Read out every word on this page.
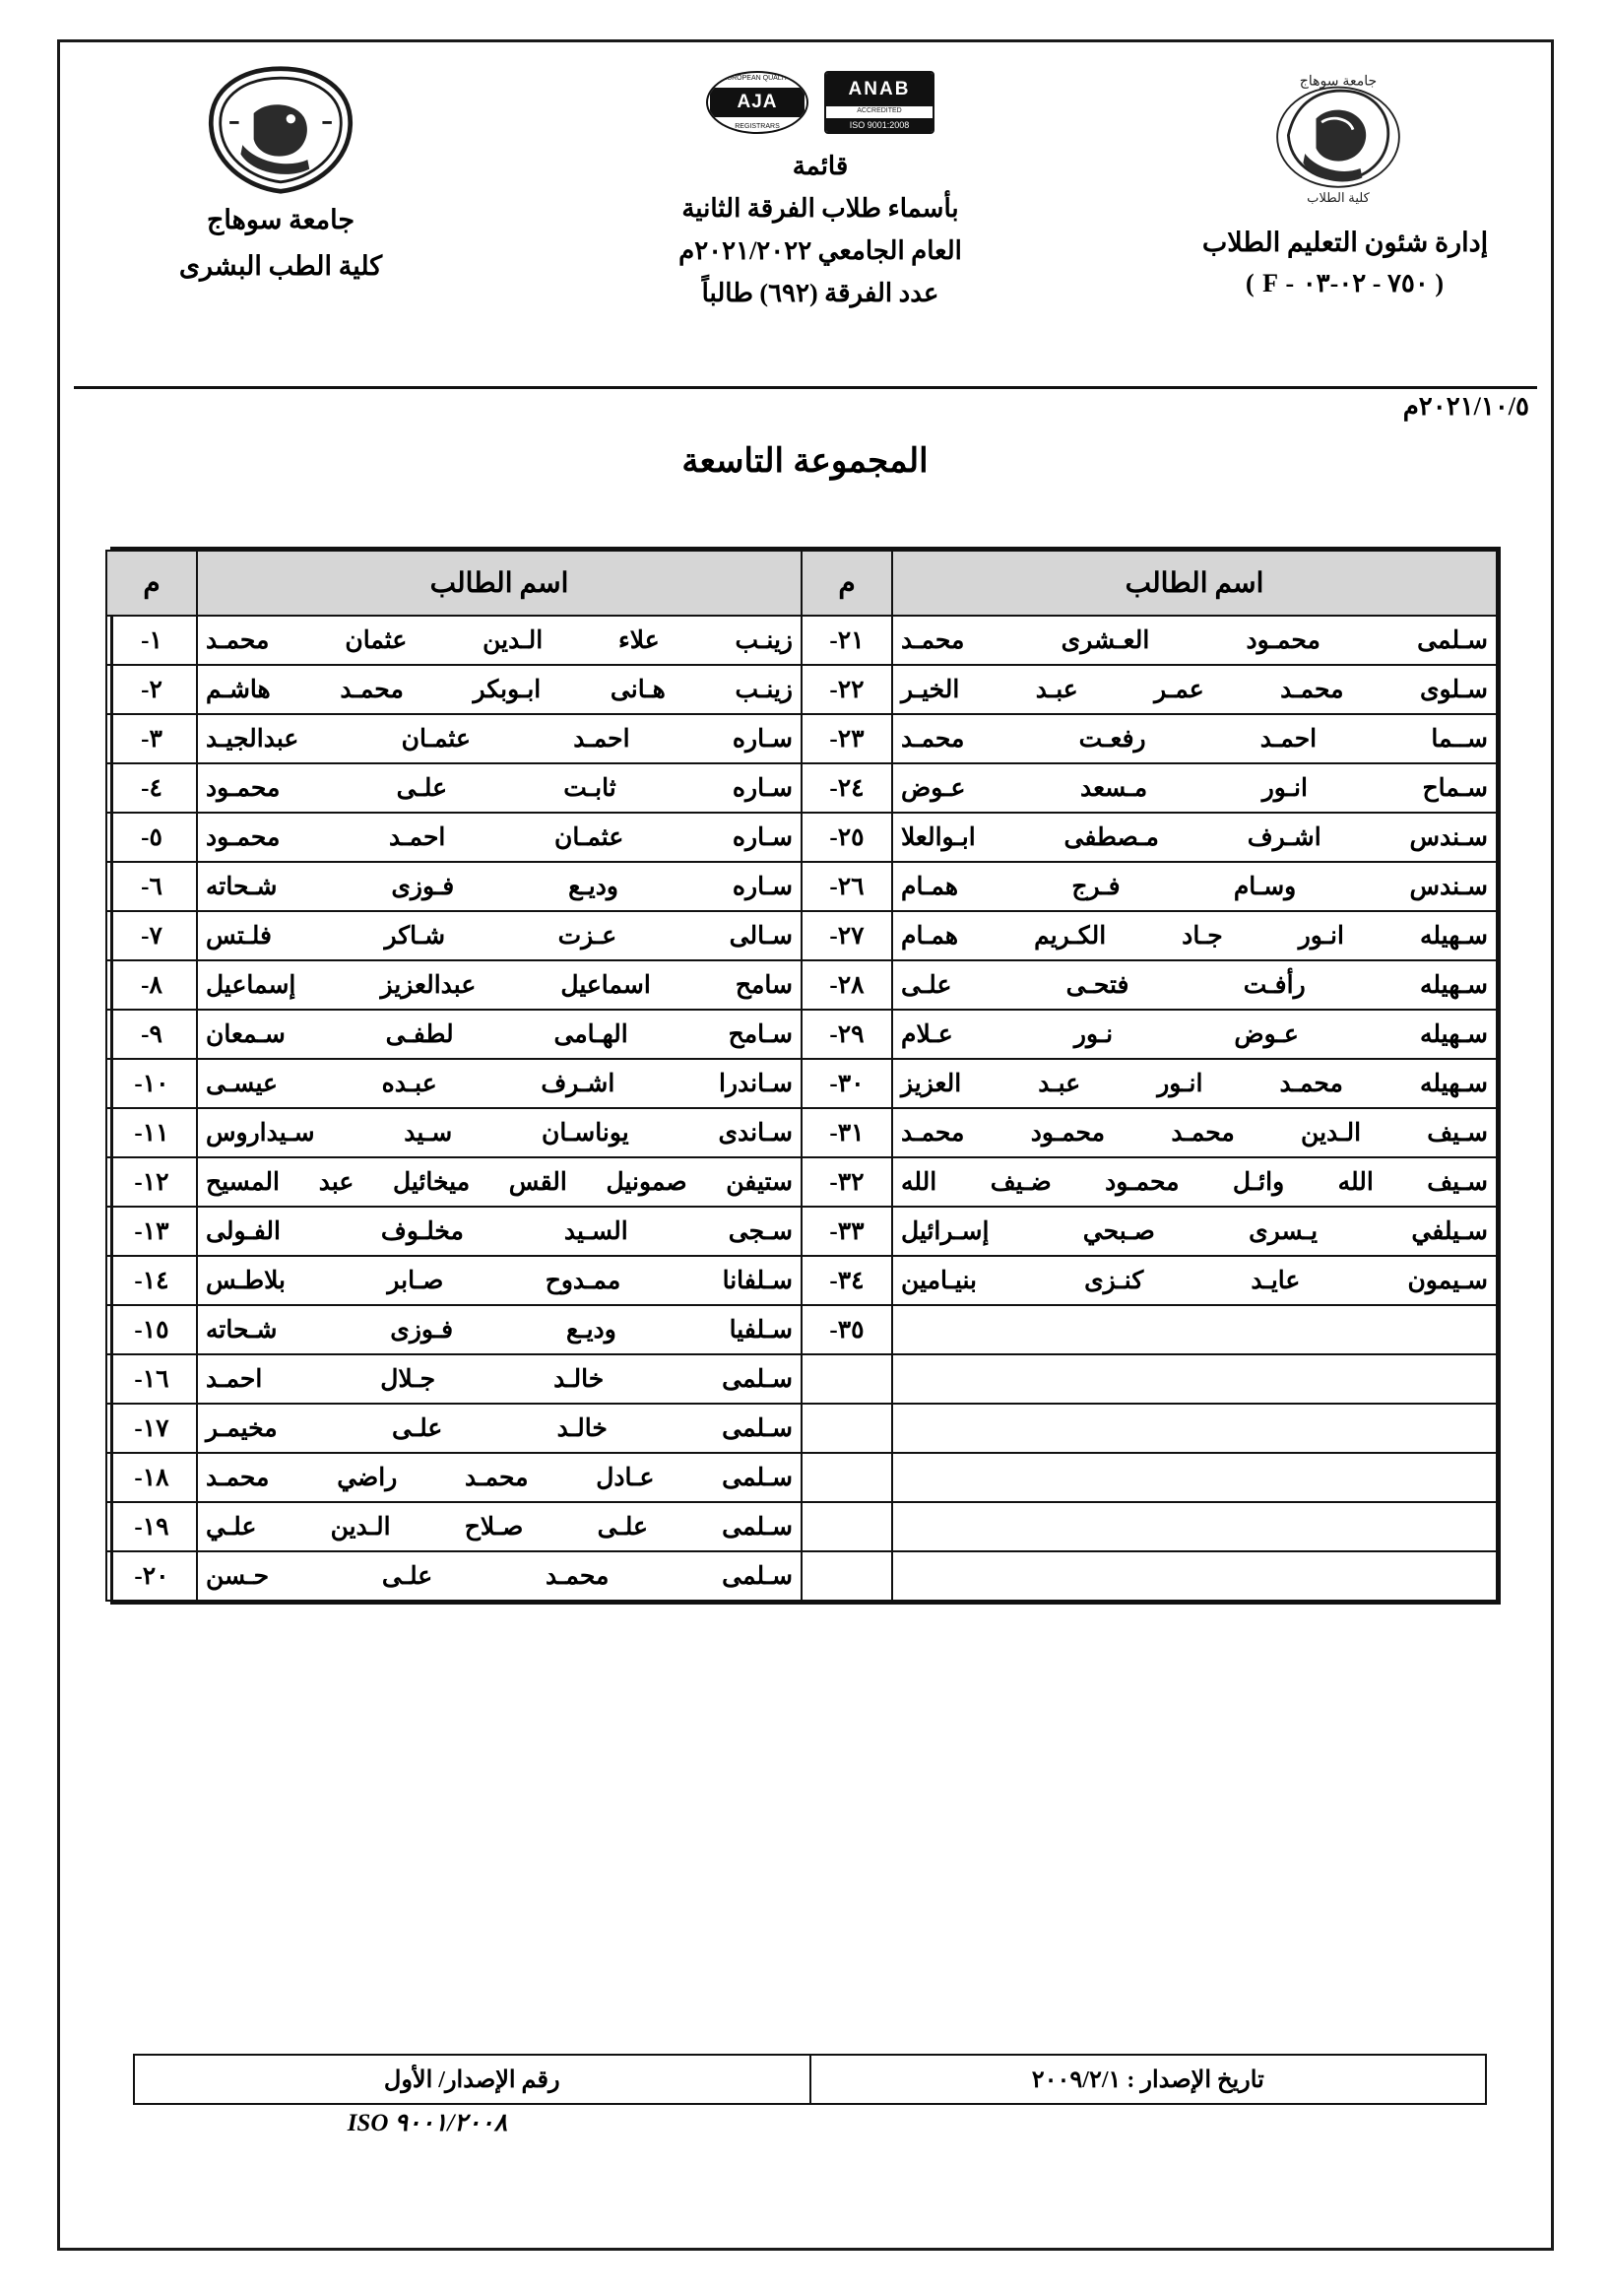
جامعة سوهاج
كلية الطلاب
إدارة شئون التعليم الطلاب
( F - ٧٥٠ - ٠٢-٠٣ )
ANAB
ACCREDITED
ISO 9001:2008
EUROPEAN QUALITY
AJA
REGISTRARS
قائمة
بأسماء طلاب الفرقة الثانية
العام الجامعي ٢٠٢١/٢٠٢٢م
عدد الفرقة (٦٩٢) طالباً
جامعة سوهاج
كلية الطب البشرى
٢٠٢١/١٠/٥م
المجموعة التاسعة
اسم الطالب	م	اسم الطالب	م
سـلمى محمـود العـشرى محمـد	٢١-	زينـب علاء الـدين عثمان محمـد	١-
سـلوى محمـد عمـر عبـد الخيـر	٢٢-	زينـب هـانى ابـوبكر محمـد هاشـم	٢-
ســما احمـد رفعـت محمـد	٢٣-	سـاره احمـد عثمـان عبدالجيـد	٣-
سـماح انـور مـسعد عـوض	٢٤-	سـاره ثابـت علـى محمـود	٤-
سـندس اشـرف مـصطفى ابـوالعلا	٢٥-	سـاره عثمـان احمـد محمـود	٥-
سـندس وسـام فـرج همـام	٢٦-	سـاره وديـع فـوزى شـحاته	٦-
سـهيله انـور جـاد الكـريم همـام	٢٧-	سـالى عـزت شـاكر فلـتس	٧-
سـهيله رأفـت فتحـى علـى	٢٨-	سامح اسماعيل عبدالعزيز إسماعيل	٨-
سـهيله عـوض نـور عـلام	٢٩-	سـامح الهـامى لطفـى سـمعان	٩-
سـهيله محمـد انـور عبـد العزيز	٣٠-	سـاندرا اشـرف عبـده عيسـى	١٠-
سـيف الـدين محمـد محمـود محمـد	٣١-	سـاندى يوناسـان سـيد سـيداروس	١١-
سـيف الله وائـل محمـود ضـيف الله	٣٢-	ستيفن صمونيل القس ميخائيل عبد المسيح	١٢-
سـيلفي يـسرى صـبحي إسـرائيل	٣٣-	سـجى السـيد مخلـوف الفـولى	١٣-
سـيمون عايـد كنـزى بنيـامين	٣٤-	سـلفانا ممـدوح صـابر بلاطـس	١٤-
	٣٥-	سـلفيا وديـع فـوزى شـحاته	١٥-
		سـلمى خالـد جـلال احمـد	١٦-
		سـلمى خالـد علـى مخيمـر	١٧-
		سـلمى عـادل محمـد راضي محمـد	١٨-
		سـلمى علـى صـلاح الـدين علـي	١٩-
		سـلمى محمـد علـى حـسن	٢٠-
تاريخ الإصدار : ٢٠٠٩/٢/١	رقم الإصدار/ الأول
ISO ٩٠٠١/٢٠٠٨
